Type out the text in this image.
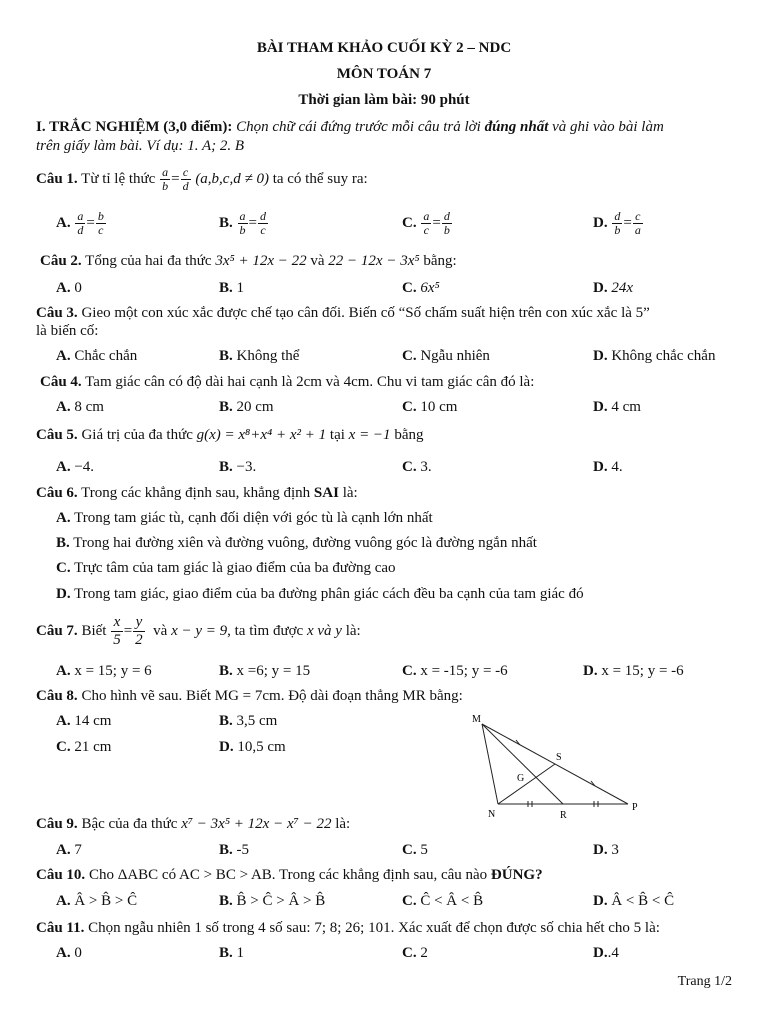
BÀI THAM KHẢO CUỐI KỲ 2 – NDC
MÔN TOÁN 7
Thời gian làm bài: 90 phút
I. TRẮC NGHIỆM (3,0 điểm): Chọn chữ cái đứng trước mỗi câu trả lời đúng nhất và ghi vào bài làm
trên giấy làm bài. Ví dụ: 1. A; 2. B
Câu 1. Từ tỉ lệ thức $\frac{a}{b} = \frac{c}{d} (a,b,c,d \ne 0)$ ta có thể suy ra:
A. $\frac{a}{d} = \frac{b}{c}$	B. $\frac{a}{b} = \frac{d}{c}$	C. $\frac{a}{c} = \frac{d}{b}$	D. $\frac{d}{b} = \frac{c}{a}$
Câu 2. Tổng của hai đa thức 3x⁵ + 12x − 22 và 22 − 12x − 3x⁵ bằng:
A. 0	B. 1	C. 6x⁵	D. 24x
Câu 3. Gieo một con xúc xắc được chế tạo cân đối. Biến cố “Số chấm suất hiện trên con xúc xắc là 5”
là biến cố:
A. Chắc chắn	B. Không thể	C. Ngẫu nhiên	D. Không chắc chắn
Câu 4. Tam giác cân có độ dài hai cạnh là 2cm và 4cm. Chu vi tam giác cân đó là:
A. 8 cm	B. 20 cm	C. 10 cm	D. 4 cm
Câu 5. Giá trị của đa thức g(x) = x⁸+x⁴ + x² + 1 tại x = −1 bằng
A. −4.	B. −3.	C. 3.	D. 4.
Câu 6. Trong các khẳng định sau, khẳng định SAI là:
A. Trong tam giác tù, cạnh đối diện với góc tù là cạnh lớn nhất
B. Trong hai đường xiên và đường vuông, đường vuông góc là đường ngắn nhất
C. Trực tâm của tam giác là giao điểm của ba đường cao
D. Trong tam giác, giao điểm của ba đường phân giác cách đều ba cạnh của tam giác đó
Câu 7. Biết $\frac{x}{5} = \frac{y}{2}$ và x − y = 9, ta tìm được x và y là:
A. x = 15; y = 6	B. x =6; y = 15	C. x = -15; y = -6	D. x = 15; y = -6
Câu 8. Cho hình vẽ sau. Biết MG = 7cm. Độ dài đoạn thẳng MR bằng:
A. 14 cm	B. 3,5 cm
C. 21 cm	D. 10,5 cm
M
S
G
N	R
P
Câu 9. Bậc của đa thức x⁷ − 3x⁵ + 12x − x⁷ − 22 là:
A. 7	B. -5	C. 5	D. 3
Câu 10. Cho ΔABC có AC > BC > AB. Trong các khẳng định sau, câu nào ĐÚNG?
A. Â > B̂ > Ĉ	B. B̂ > Ĉ > Â > B̂	C. Ĉ < Â < B̂	D. Â < B̂ < Ĉ
Câu 11. Chọn ngẫu nhiên 1 số trong 4 số sau: 7; 8; 26; 101. Xác xuất để chọn được số chia hết cho 5 là:
A. 0	B. 1	C. 2	D..4
Trang 1/2
